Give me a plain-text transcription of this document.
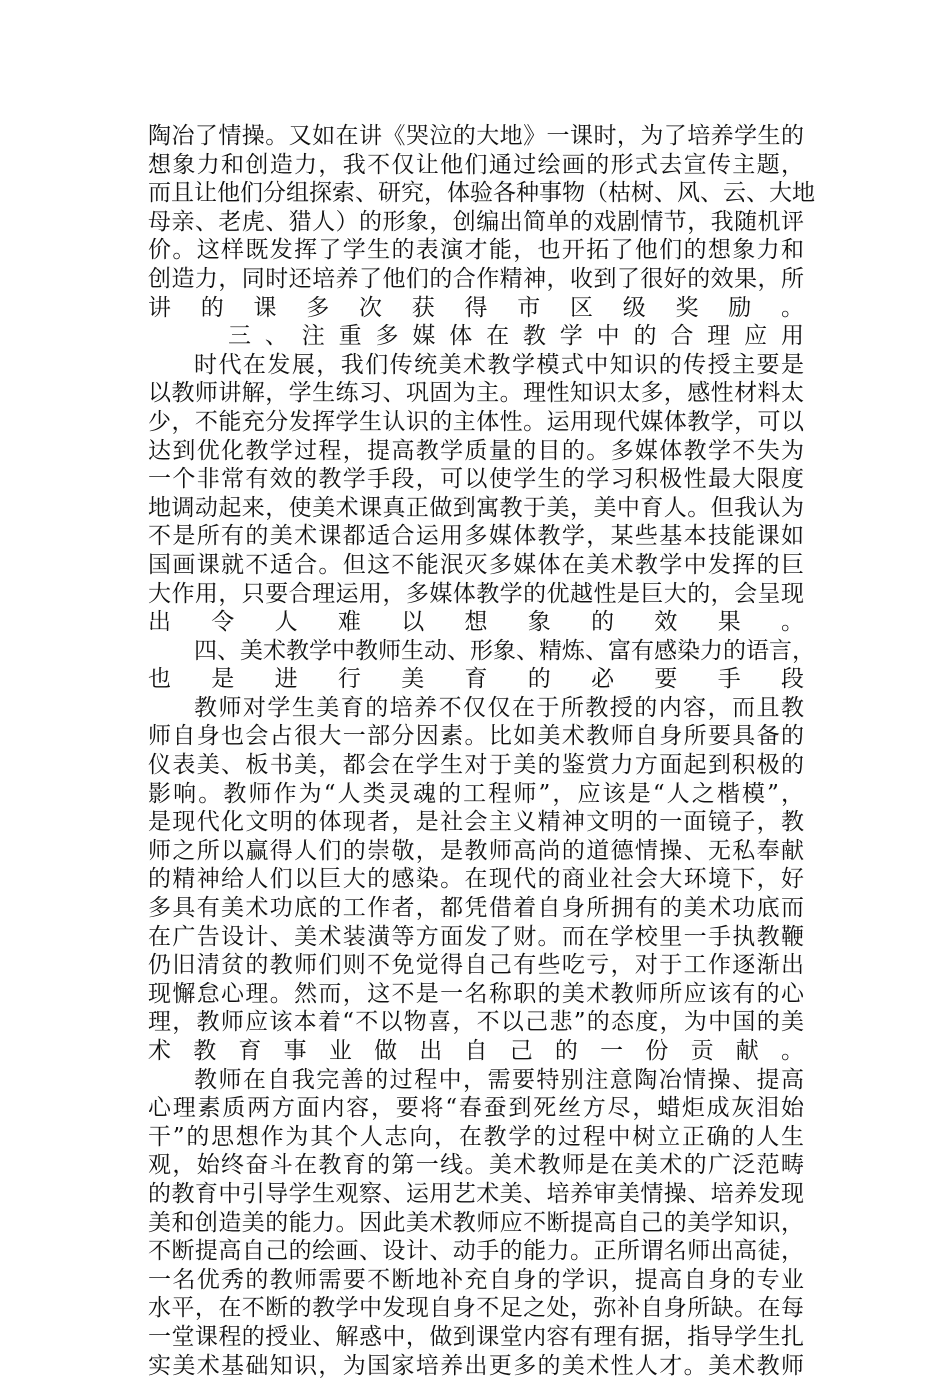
陶冶了情操。又如在讲《哭泣的大地》一课时，为了培养学生的
想象力和创造力，我不仅让他们通过绘画的形式去宣传主题，
而且让他们分组探索、研究，体验各种事物（枯树、风、云、大地
母亲、老虎、猎人）的形象，创编出简单的戏剧情节，我随机评
价。这样既发挥了学生的表演才能，也开拓了他们的想象力和
创造力，同时还培养了他们的合作精神，收到了很好的效果，所
讲的课多次获得市区级奖励。
三、注重多媒体在教学中的合理应用
时代在发展，我们传统美术教学模式中知识的传授主要是
以教师讲解，学生练习、巩固为主。理性知识太多，感性材料太
少，不能充分发挥学生认识的主体性。运用现代媒体教学，可以
达到优化教学过程，提高教学质量的目的。多媒体教学不失为
一个非常有效的教学手段，可以使学生的学习积极性最大限度
地调动起来，使美术课真正做到寓教于美，美中育人。但我认为
不是所有的美术课都适合运用多媒体教学，某些基本技能课如
国画课就不适合。但这不能泯灭多媒体在美术教学中发挥的巨
大作用，只要合理运用，多媒体教学的优越性是巨大的，会呈现
出令人难以想象的效果。
四、美术教学中教师生动、形象、精炼、富有感染力的语言，
也是进行美育的必要手段
教师对学生美育的培养不仅仅在于所教授的内容，而且教
师自身也会占很大一部分因素。比如美术教师自身所要具备的
仪表美、板书美，都会在学生对于美的鉴赏力方面起到积极的
影响。教师作为“人类灵魂的工程师”，应该是“人之楷模”，
是现代化文明的体现者，是社会主义精神文明的一面镜子，教
师之所以赢得人们的崇敬，是教师高尚的道德情操、无私奉献
的精神给人们以巨大的感染。在现代的商业社会大环境下，好
多具有美术功底的工作者，都凭借着自身所拥有的美术功底而
在广告设计、美术装潢等方面发了财。而在学校里一手执教鞭
仍旧清贫的教师们则不免觉得自己有些吃亏，对于工作逐渐出
现懈怠心理。然而，这不是一名称职的美术教师所应该有的心
理，教师应该本着“不以物喜，不以己悲”的态度，为中国的美
术教育事业做出自己的一份贡献。
教师在自我完善的过程中，需要特别注意陶冶情操、提高
心理素质两方面内容，要将“春蚕到死丝方尽，蜡炬成灰泪始
干”的思想作为其个人志向，在教学的过程中树立正确的人生
观，始终奋斗在教育的第一线。美术教师是在美术的广泛范畴
的教育中引导学生观察、运用艺术美、培养审美情操、培养发现
美和创造美的能力。因此美术教师应不断提高自己的美学知识，
不断提高自己的绘画、设计、动手的能力。正所谓名师出高徒，
一名优秀的教师需要不断地补充自身的学识，提高自身的专业
水平，在不断的教学中发现自身不足之处，弥补自身所缺。在每
一堂课程的授业、解惑中，做到课堂内容有理有据，指导学生扎
实美术基础知识，为国家培养出更多的美术性人才。美术教师
